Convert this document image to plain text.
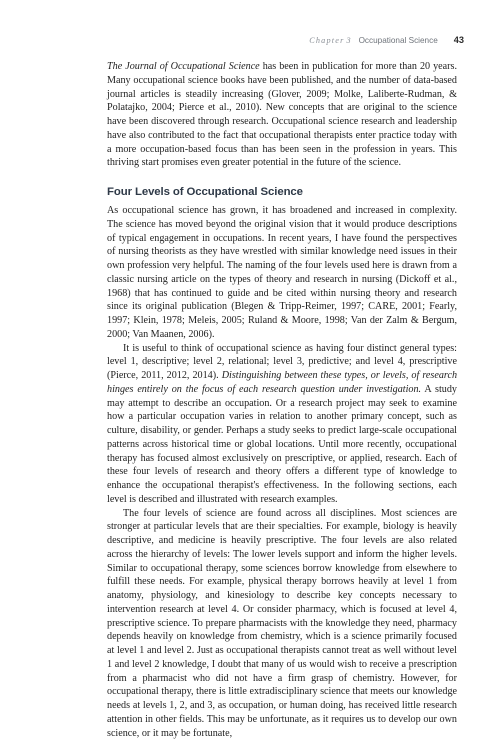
Chapter 3 Occupational Science 43

The Journal of Occupational Science has been in publication for more than 20 years. Many occupational science books have been published, and the number of data-based journal articles is steadily increasing (Glover, 2009; Molke, Laliberte-Rudman, & Polatajko, 2004; Pierce et al., 2010). New concepts that are original to the science have been discovered through research. Occupational science research and leadership have also contributed to the fact that occupational therapists enter practice today with a more occupation-based focus than has been seen in the profession in years. This thriving start promises even greater potential in the future of the science.

Four Levels of Occupational Science

As occupational science has grown, it has broadened and increased in complexity. The science has moved beyond the original vision that it would produce descriptions of typical engagement in occupations. In recent years, I have found the perspectives of nursing theorists as they have wrestled with similar knowledge need issues in their own profession very helpful. The naming of the four levels used here is drawn from a classic nursing article on the types of theory and research in nursing (Dickoff et al., 1968) that has continued to guide and be cited within nursing theory and research since its original publication (Blegen & Tripp-Reimer, 1997; CARE, 2001; Fearly, 1997; Klein, 1978; Meleis, 2005; Ruland & Moore, 1998; Van der Zalm & Bergum, 2000; Van Maanen, 2006).

It is useful to think of occupational science as having four distinct general types: level 1, descriptive; level 2, relational; level 3, predictive; and level 4, prescriptive (Pierce, 2011, 2012, 2014). Distinguishing between these types, or levels, of research hinges entirely on the focus of each research question under investigation. A study may attempt to describe an occupation. Or a research project may seek to examine how a particular occupation varies in relation to another primary concept, such as culture, disability, or gender. Perhaps a study seeks to predict large-scale occupational patterns across historical time or global locations. Until more recently, occupational therapy has focused almost exclusively on prescriptive, or applied, research. Each of these four levels of research and theory offers a different type of knowledge to enhance the occupational therapist's effectiveness. In the following sections, each level is described and illustrated with research examples.

The four levels of science are found across all disciplines. Most sciences are stronger at particular levels that are their specialties. For example, biology is heavily descriptive, and medicine is heavily prescriptive. The four levels are also related across the hierarchy of levels: The lower levels support and inform the higher levels. Similar to occupational therapy, some sciences borrow knowledge from elsewhere to fulfill these needs. For example, physical therapy borrows heavily at level 1 from anatomy, physiology, and kinesiology to describe key concepts necessary to intervention research at level 4. Or consider pharmacy, which is focused at level 4, prescriptive science. To prepare pharmacists with the knowledge they need, pharmacy depends heavily on knowledge from chemistry, which is a science primarily focused at level 1 and level 2. Just as occupational therapists cannot treat as well without level 1 and level 2 knowledge, I doubt that many of us would wish to receive a prescription from a pharmacist who did not have a firm grasp of chemistry. However, for occupational therapy, there is little extradisciplinary science that meets our knowledge needs at levels 1, 2, and 3, as occupation, or human doing, has received little research attention in other fields. This may be unfortunate, as it requires us to develop our own science, or it may be fortunate,
